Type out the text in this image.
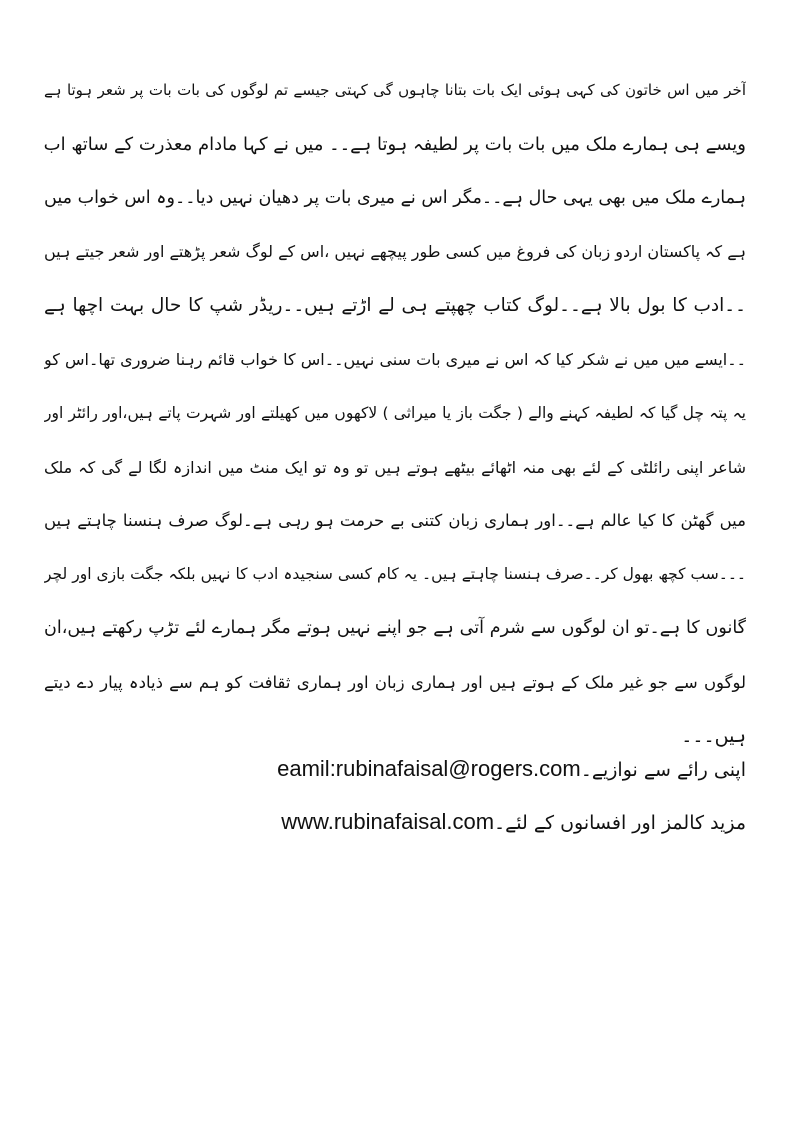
آخر میں اس خاتون کی کہی ہوئی ایک بات بتانا چاہوں گی کہتی جیسے تم لوگوں کی بات بات پر شعر ہوتا ہے
ویسے ہی ہمارے ملک میں بات بات پر لطیفہ ہوتا ہے۔۔ میں نے کہا مادام معذرت کے ساتھ اب
ہمارے ملک میں بھی یہی حال ہے۔۔مگر اس نے میری بات پر دھیان نہیں دیا۔۔وہ اس خواب میں
ہے کہ پاکستان اردو زبان کی فروغ میں کسی طور پیچھے نہیں ،اس کے لوگ شعر پڑھتے اور شعر جیتے ہیں
۔۔ادب کا بول بالا ہے۔۔لوگ کتاب چھپتے ہی لے اڑتے ہیں۔۔ریڈر شپ کا حال بہت اچھا ہے
۔۔ایسے میں میں نے شکر کیا کہ اس نے میری بات سنی نہیں۔۔اس کا خواب قائم رہنا ضروری تھا۔اس کو
یہ پتہ چل گیا کہ لطیفہ کہنے والے ( جگت باز یا میراثی ) لاکھوں میں کھیلتے اور شہرت پاتے ہیں،اور رائٹر اور
شاعر اپنی رائلٹی کے لئے بھی منہ اٹھائے بیٹھے ہوتے ہیں تو وہ تو ایک منٹ میں اندازہ لگا لے گی کہ ملک
میں گھٹن کا کیا عالم ہے۔۔اور ہماری زبان کتنی بے حرمت ہو رہی ہے۔لوگ صرف ہنسنا چاہتے ہیں
۔۔۔سب کچھ بھول کر۔۔صرف ہنسنا چاہتے ہیں۔ یہ کام کسی سنجیدہ ادب کا نہیں بلکہ جگت بازی اور لچر
گانوں کا ہے۔تو ان لوگوں سے شرم آتی ہے جو اپنے نہیں ہوتے مگر ہمارے لئے تڑپ رکھتے ہیں،ان
لوگوں سے جو غیر ملک کے ہوتے ہیں اور ہماری زبان اور ہماری ثقافت کو ہم سے ذیادہ پیار دے دیتے
ہیں۔۔۔
اپنی رائے سے نوازیے۔eamil:rubinafaisal@rogers.com
مزید کالمز اور افسانوں کے لئے۔www.rubinafaisal.com
